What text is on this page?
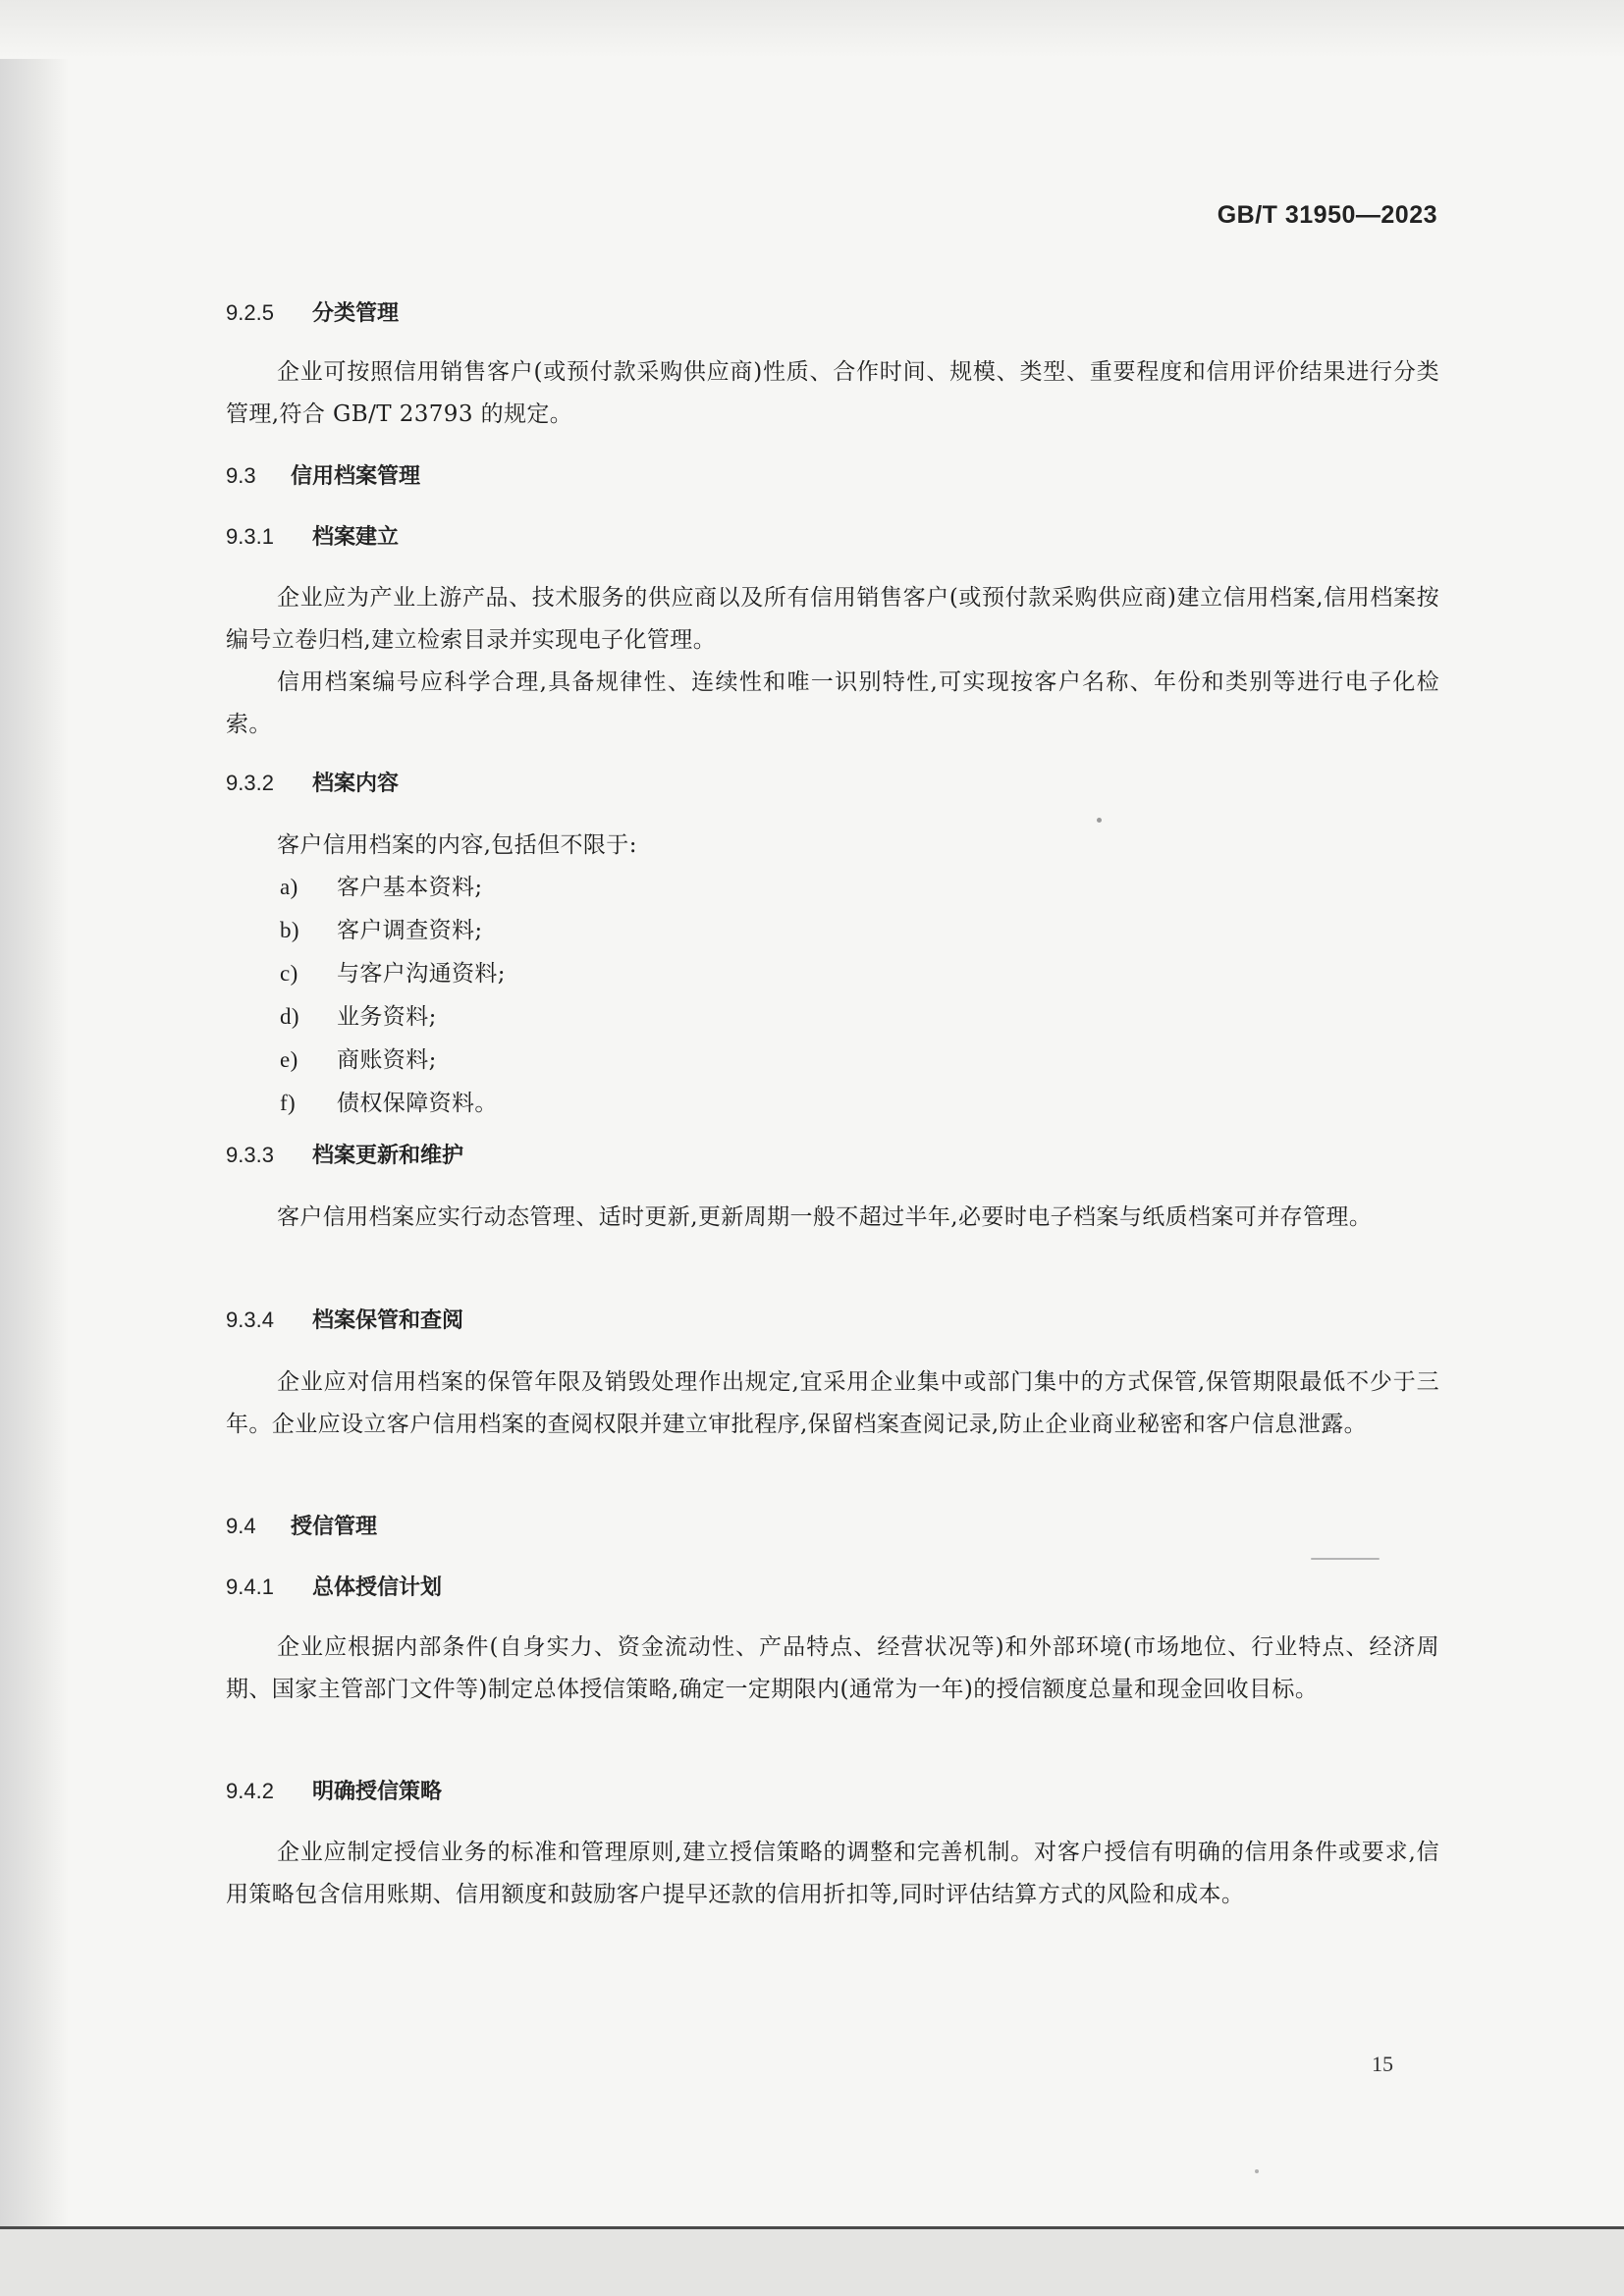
GB/T 31950—2023
9.2.5 分类管理
企业可按照信用销售客户(或预付款采购供应商)性质、合作时间、规模、类型、重要程度和信用评价结果进行分类管理,符合 GB/T 23793 的规定。
9.3 信用档案管理
9.3.1 档案建立
企业应为产业上游产品、技术服务的供应商以及所有信用销售客户(或预付款采购供应商)建立信用档案,信用档案按编号立卷归档,建立检索目录并实现电子化管理。
信用档案编号应科学合理,具备规律性、连续性和唯一识别特性,可实现按客户名称、年份和类别等进行电子化检索。
9.3.2 档案内容
客户信用档案的内容,包括但不限于:
a) 客户基本资料;
b) 客户调查资料;
c) 与客户沟通资料;
d) 业务资料;
e) 商账资料;
f) 债权保障资料。
9.3.3 档案更新和维护
客户信用档案应实行动态管理、适时更新,更新周期一般不超过半年,必要时电子档案与纸质档案可并存管理。
9.3.4 档案保管和查阅
企业应对信用档案的保管年限及销毁处理作出规定,宜采用企业集中或部门集中的方式保管,保管期限最低不少于三年。企业应设立客户信用档案的查阅权限并建立审批程序,保留档案查阅记录,防止企业商业秘密和客户信息泄露。
9.4 授信管理
9.4.1 总体授信计划
企业应根据内部条件(自身实力、资金流动性、产品特点、经营状况等)和外部环境(市场地位、行业特点、经济周期、国家主管部门文件等)制定总体授信策略,确定一定期限内(通常为一年)的授信额度总量和现金回收目标。
9.4.2 明确授信策略
企业应制定授信业务的标准和管理原则,建立授信策略的调整和完善机制。对客户授信有明确的信用条件或要求,信用策略包含信用账期、信用额度和鼓励客户提早还款的信用折扣等,同时评估结算方式的风险和成本。
15
